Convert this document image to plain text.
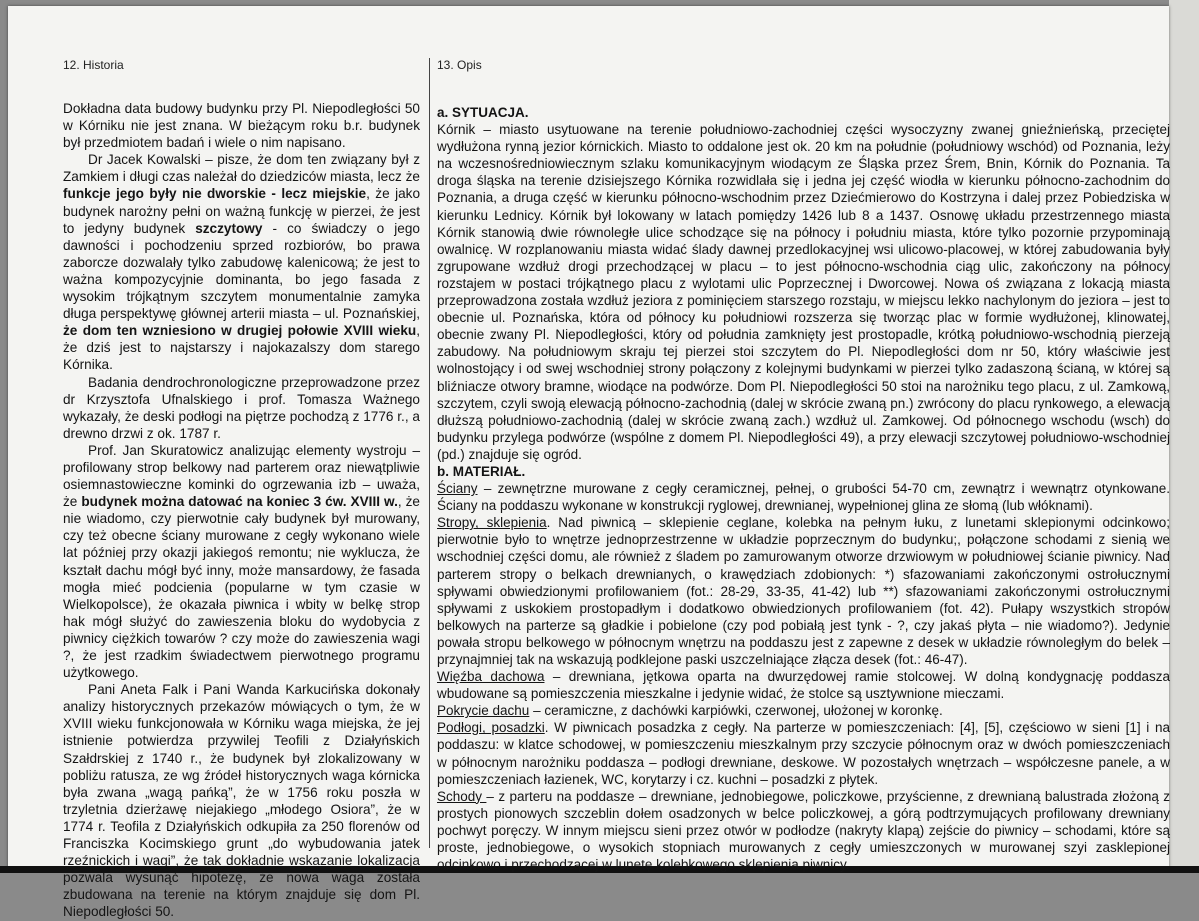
12. Historia	13. Opis

Dokładna data budowy budynku przy Pl. Niepodległości 50 w Kórniku nie jest znana. W bieżącym roku b.r. budynek był przedmiotem badań i wiele o nim napisano.

Dr Jacek Kowalski – pisze, że dom ten związany był z Zamkiem i długi czas należał do dziedziców miasta, lecz że funkcje jego były nie dworskie - lecz miejskie, że jako budynek narożny pełni on ważną funkcję w pierzei, że jest to jedyny budynek szczytowy - co świadczy o jego dawności i pochodzeniu sprzed rozbiorów, bo prawa zaborcze dozwalały tylko zabudowę kalenicową; że jest to ważna kompozycyjnie dominanta, bo jego fasada z wysokim trójkątnym szczytem monumentalnie zamyka długa perspektywę głównej arterii miasta – ul. Poznańskiej, że dom ten wzniesiono w drugiej połowie XVIII wieku, że dziś jest to najstarszy i najokazalszy dom starego Kórnika.

Badania dendrochronologiczne przeprowadzone przez dr Krzysztofa Ufnalskiego i prof. Tomasza Ważnego wykazały, że deski podłogi na piętrze pochodzą z 1776 r., a drewno drzwi z ok. 1787 r.

Prof. Jan Skuratowicz analizując elementy wystroju – profilowany strop belkowy nad parterem oraz niewątpliwie osiemnastowieczne kominki do ogrzewania izb – uważa, że budynek można datować na koniec 3 ćw. XVIII w., że nie wiadomo, czy pierwotnie cały budynek był murowany, czy też obecne ściany murowane z cegły wykonano wiele lat później przy okazji jakiegoś remontu; nie wyklucza, że kształt dachu mógł być inny, może mansardowy, że fasada mogła mieć podcienia (popularne w tym czasie w Wielkopolsce), że okazała piwnica i wbity w belkę strop hak mógł służyć do zawieszenia bloku do wydobycia z piwnicy ciężkich towarów ? czy może do zawieszenia wagi ?, że jest rzadkim świadectwem pierwotnego programu użytkowego.

Pani Aneta Falk i Pani Wanda Karkucińska dokonały analizy historycznych przekazów mówiących o tym, że w XVIII wieku funkcjonowała w Kórniku waga miejska, że jej istnienie potwierdza przywilej Teofili z Działyńskich Szałdrskiej z 1740 r., że budynek był zlokalizowany w pobliżu ratusza, ze wg źródeł historycznych waga kórnicka była zwana „wagą pańką”, że w 1756 roku poszła w trzyletnia dzierżawę niejakiego „młodego Osiora”, że w 1774 r. Teofila z Działyńskich odkupiła za 250 florenów od Franciszka Kocimskiego grunt „do wybudowania jatek rzeźnickich i wagi”, że tak dokładnie wskazanie lokalizacja pozwala wysunąć hipotezę, że nowa waga została zbudowana na terenie na którym znajduje się dom Pl. Niepodległości 50.

a. SYTUACJA.

Kórnik – miasto usytuowane na terenie południowo-zachodniej części wysoczyzny zwanej gnieźnieńską, przeciętej wydłużona rynną jezior kórnickich. Miasto to oddalone jest ok. 20 km na południe (południowy wschód) od Poznania, leży na wczesnośredniowiecznym szlaku komunikacyjnym wiodącym ze Śląska przez Śrem, Bnin, Kórnik do Poznania. Ta droga śląska na terenie dzisiejszego Kórnika rozwidlała się i jedna jej część wiodła w kierunku północno-zachodnim do Poznania, a druga część w kierunku północno-wschodnim przez Dziećmierowo do Kostrzyna i dalej przez Pobiedziska w kierunku Lednicy. Kórnik był lokowany w latach pomiędzy 1426 lub 8 a 1437. Osnowę układu przestrzennego miasta Kórnik stanowią dwie równoległe ulice schodzące się na północy i południu miasta, które tylko pozornie przypominają owalnicę. W rozplanowaniu miasta widać ślady dawnej przedlokacyjnej wsi ulicowo-placowej, w której zabudowania były zgrupowane wzdłuż drogi przechodzącej w placu – to jest północno-wschodnia ciąg ulic, zakończony na północy rozstajem w postaci trójkątnego placu z wylotami ulic Poprzecznej i Dworcowej. Nowa oś związana z lokacją miasta przeprowadzona została wzdłuż jeziora z pominięciem starszego rozstaju, w miejscu lekko nachylonym do jeziora – jest to obecnie ul. Poznańska, która od północy ku południowi rozszerza się tworząc plac w formie wydłużonej, klinowatej, obecnie zwany Pl. Niepodległości, który od południa zamknięty jest prostopadle, krótką południowo-wschodnią pierzeją zabudowy. Na południowym skraju tej pierzei stoi szczytem do Pl. Niepodległości dom nr 50, który właściwie jest wolnostojący i od swej wschodniej strony połączony z kolejnymi budynkami w pierzei tylko zadaszoną ścianą, w której są bliźniacze otwory bramne, wiodące na podwórze. Dom Pl. Niepodległości 50 stoi na narożniku tego placu, z ul. Zamkową, szczytem, czyli swoją elewacją północno-zachodnią (dalej w skrócie zwaną pn.) zwrócony do placu rynkowego, a elewacją dłuższą południowo-zachodnią (dalej w skrócie zwaną zach.) wzdłuż ul. Zamkowej. Od północnego wschodu (wsch) do budynku przylega podwórze (wspólne z domem Pl. Niepodległości 49), a przy elewacji szczytowej południowo-wschodniej (pd.) znajduje się ogród.

b. MATERIAŁ.

Ściany – zewnętrzne murowane z cegły ceramicznej, pełnej, o grubości 54-70 cm, zewnątrz i wewnątrz otynkowane. Ściany na poddaszu wykonane w konstrukcji ryglowej, drewnianej, wypełnionej glina ze słomą (lub włóknami).

Stropy, sklepienia. Nad piwnicą – sklepienie ceglane, kolebka na pełnym łuku, z lunetami sklepionymi odcinkowo; pierwotnie było to wnętrze jednoprzestrzenne w układzie poprzecznym do budynku;, połączone schodami z sienią we wschodniej części domu, ale również z śladem po zamurowanym otworze drzwiowym w południowej ścianie piwnicy. Nad parterem stropy o belkach drewnianych, o krawędziach zdobionych: *) sfazowaniami zakończonymi ostrołucznymi spływami obwiedzionymi profilowaniem (fot.: 28-29, 33-35, 41-42) lub **) sfazowaniami zakończonymi ostrołucznymi spływami z uskokiem prostopadłym i dodatkowo obwiedzionych profilowaniem (fot. 42). Pułapy wszystkich stropów belkowych na parterze są gładkie i pobielone (czy pod pobiałą jest tynk - ?, czy jakaś płyta – nie wiadomo?). Jedynie powała stropu belkowego w północnym wnętrzu na poddaszu jest z zapewne z desek w układzie równoległym do belek – przynajmniej tak na wskazują podklejone paski uszczelniające złącza desek (fot.: 46-47).

Więźba dachowa – drewniana, jętkowa oparta na dwurzędowej ramie stolcowej. W dolną kondygnację poddasza wbudowane są pomieszczenia mieszkalne i jedynie widać, że stolce są usztywnione mieczami.

Pokrycie dachu – ceramiczne, z dachówki karpiówki, czerwonej, ułożonej w koronkę.

Podłogi, posadzki. W piwnicach posadzka z cegły. Na parterze w pomieszczeniach: [4], [5], częściowo w sieni [1] i na poddaszu: w klatce schodowej, w pomieszczeniu mieszkalnym przy szczycie północnym oraz w dwóch pomieszczeniach w północnym narożniku poddasza – podłogi drewniane, deskowe. W pozostałych wnętrzach – współczesne panele, a w pomieszczeniach łazienek, WC, korytarzy i cz. kuchni – posadzki z płytek.

Schody – z parteru na poddasze – drewniane, jednobiegowe, policzkowe, przyścienne, z drewnianą balustrada złożoną z prostych pionowych szczeblin dołem osadzonych w belce policzkowej, a górą podtrzymujących profilowany drewniany pochwyt poręczy. W innym miejscu sieni przez otwór w podłodze (nakryty klapą) zejście do piwnicy – schodami, które są proste, jednobiegowe, o wysokich stopniach murowanych z cegły umieszczonych w murowanej szyi zasklepionej odcinkowo i przechodzącej w lunetę kolebkowego sklepienia piwnicy.
